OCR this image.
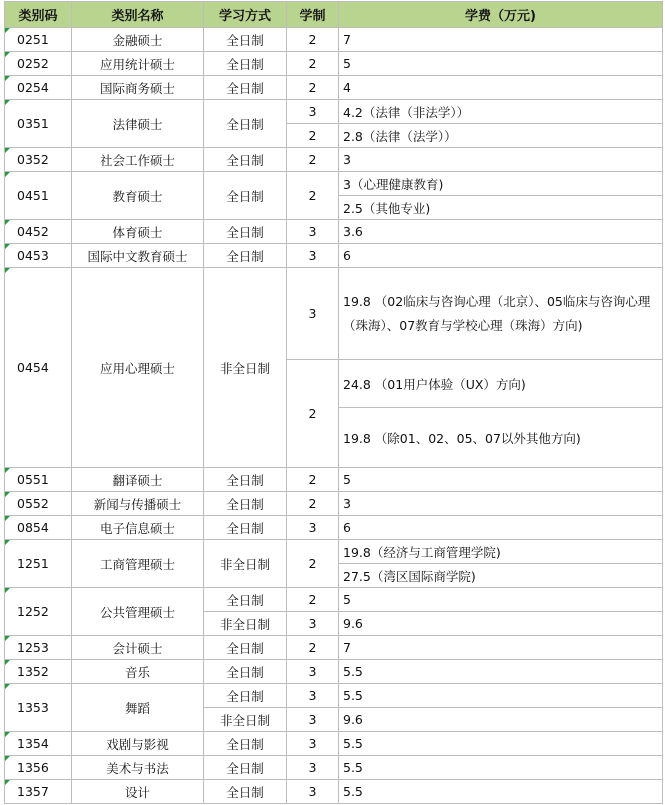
类别码	类别名称	学习方式	学制	学费（万元)
0251	金融硕士	全日制	2	7
0252	应用统计硕士	全日制	2	5
0254	国际商务硕士	全日制	2	4
0351	法律硕士	全日制	3	4.2（法律（非法学））
			2	2.8（法律（法学））
0352	社会工作硕士	全日制	2	3
0451	教育硕士	全日制	2	3（心理健康教育)
				2.5（其他专业)
0452	体育硕士	全日制	3	3.6
0453	国际中文教育硕士	全日制	3	6
0454	应用心理硕士	非全日制	3	19.8 （02临床与咨询心理（北京）、05临床与咨询心理（珠海）、07教育与学校心理（珠海）方向)
			2	24.8 （01用户体验（UX）方向)
				19.8 （除01、02、05、07以外其他方向)
0551	翻译硕士	全日制	2	5
0552	新闻与传播硕士	全日制	2	3
0854	电子信息硕士	全日制	3	6
1251	工商管理硕士	非全日制	2	19.8（经济与工商管理学院)
				27.5（湾区国际商学院)
1252	公共管理硕士	全日制	2	5
		非全日制	3	9.6
1253	会计硕士	全日制	2	7
1352	音乐	全日制	3	5.5
1353	舞蹈	全日制	3	5.5
		非全日制	3	9.6
1354	戏剧与影视	全日制	3	5.5
1356	美术与书法	全日制	3	5.5
1357	设计	全日制	3	5.5
